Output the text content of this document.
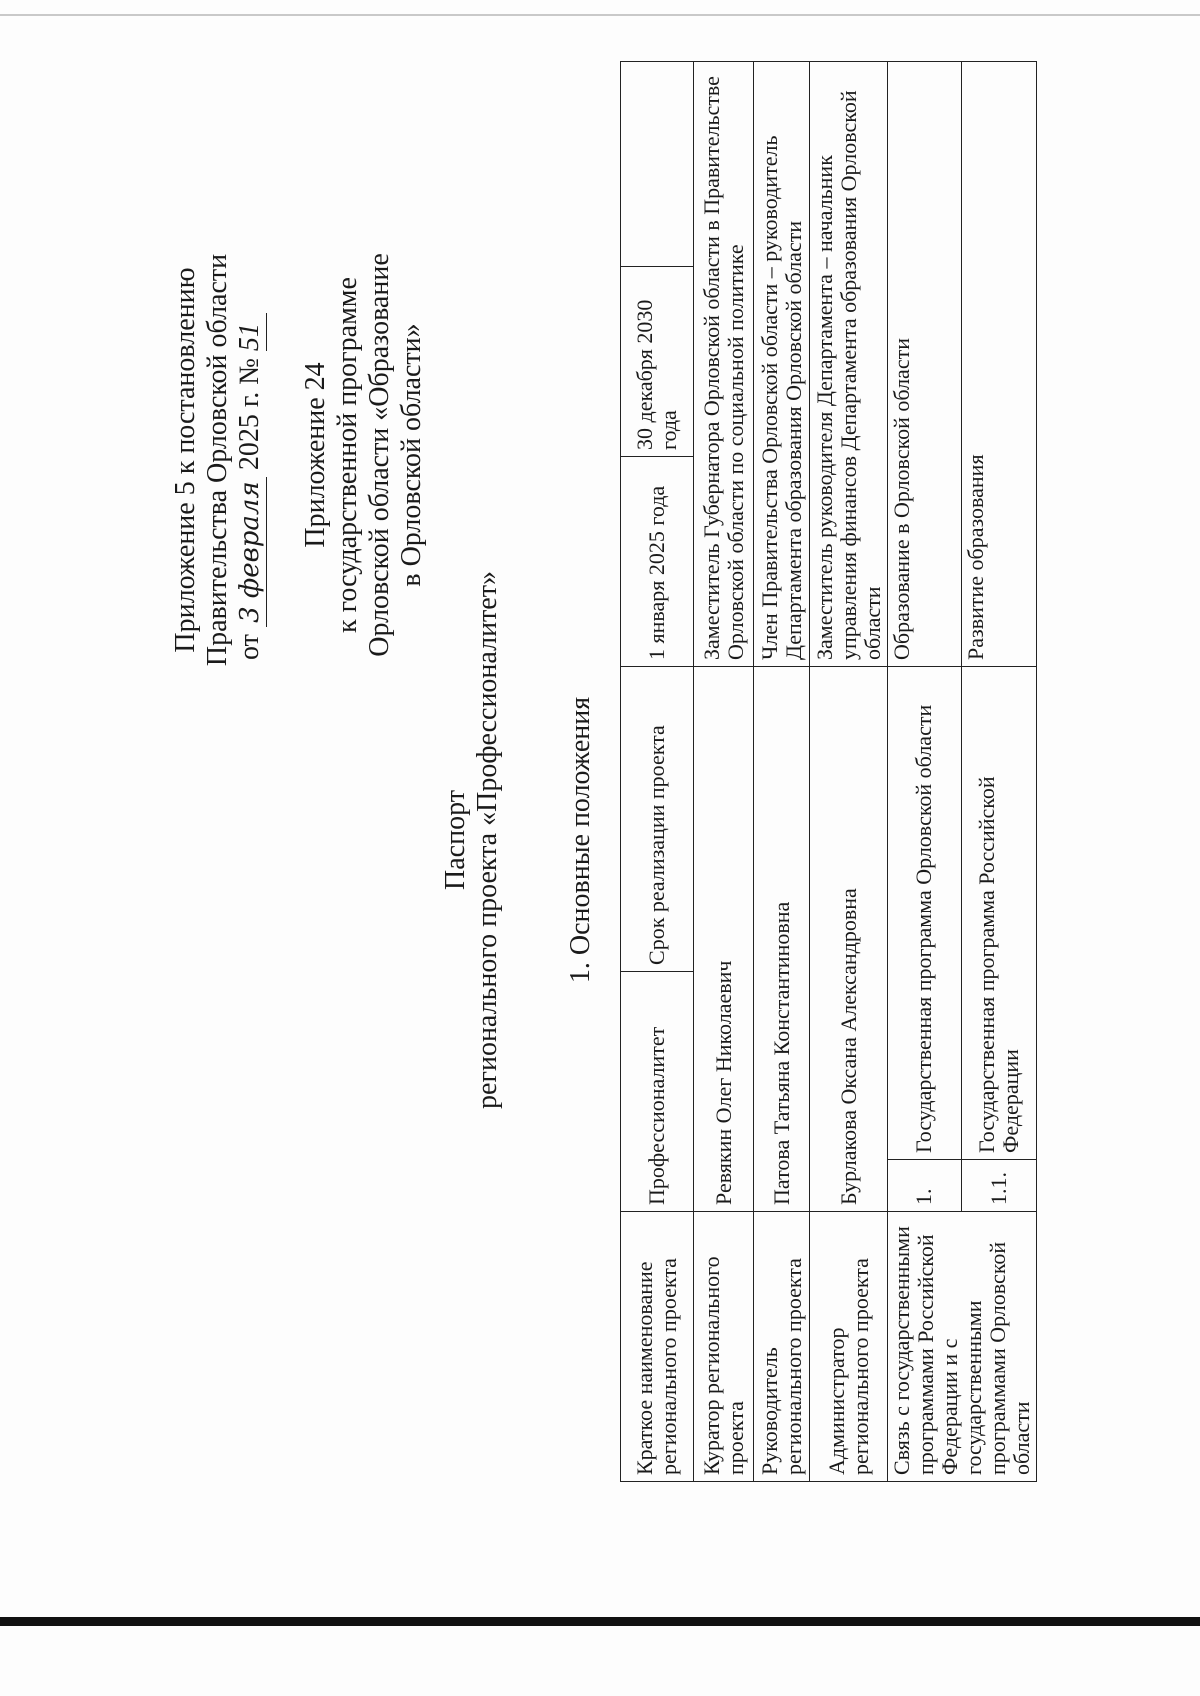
Приложение 5 к постановлению Правительства Орловской области от 3 февраля 2025 г. № 51
Приложение 24 к государственной программе Орловской области «Образование в Орловской области»
Паспорт регионального проекта «Профессионалитет» 1. Основные положения
Краткое наименование регионального проекта	Профессионалитет		Срок реализации проекта	1 января 2025 года	30 декабря 2030 года	
Куратор регионального проекта	Ревякин Олег Николаевич			Заместитель Губернатора Орловской области в Правительстве Орловской области по социальной политике		
Руководитель регионального проекта	Патова Татьяна Константиновна			Член Правительства Орловской области – руководитель Департамента образования Орловской области		
Администратор регионального проекта	Бурлакова Оксана Александровна			Заместитель руководителя Департамента – начальник управления финансов Департамента образования Орловской области		
Связь с государственными программами Российской Федерации и с государственными программами Орловской области	1.	Государственная программа Орловской области		Образование в Орловской области		
	1.1.	Государственная программа Российской Федерации		Развитие образования		
